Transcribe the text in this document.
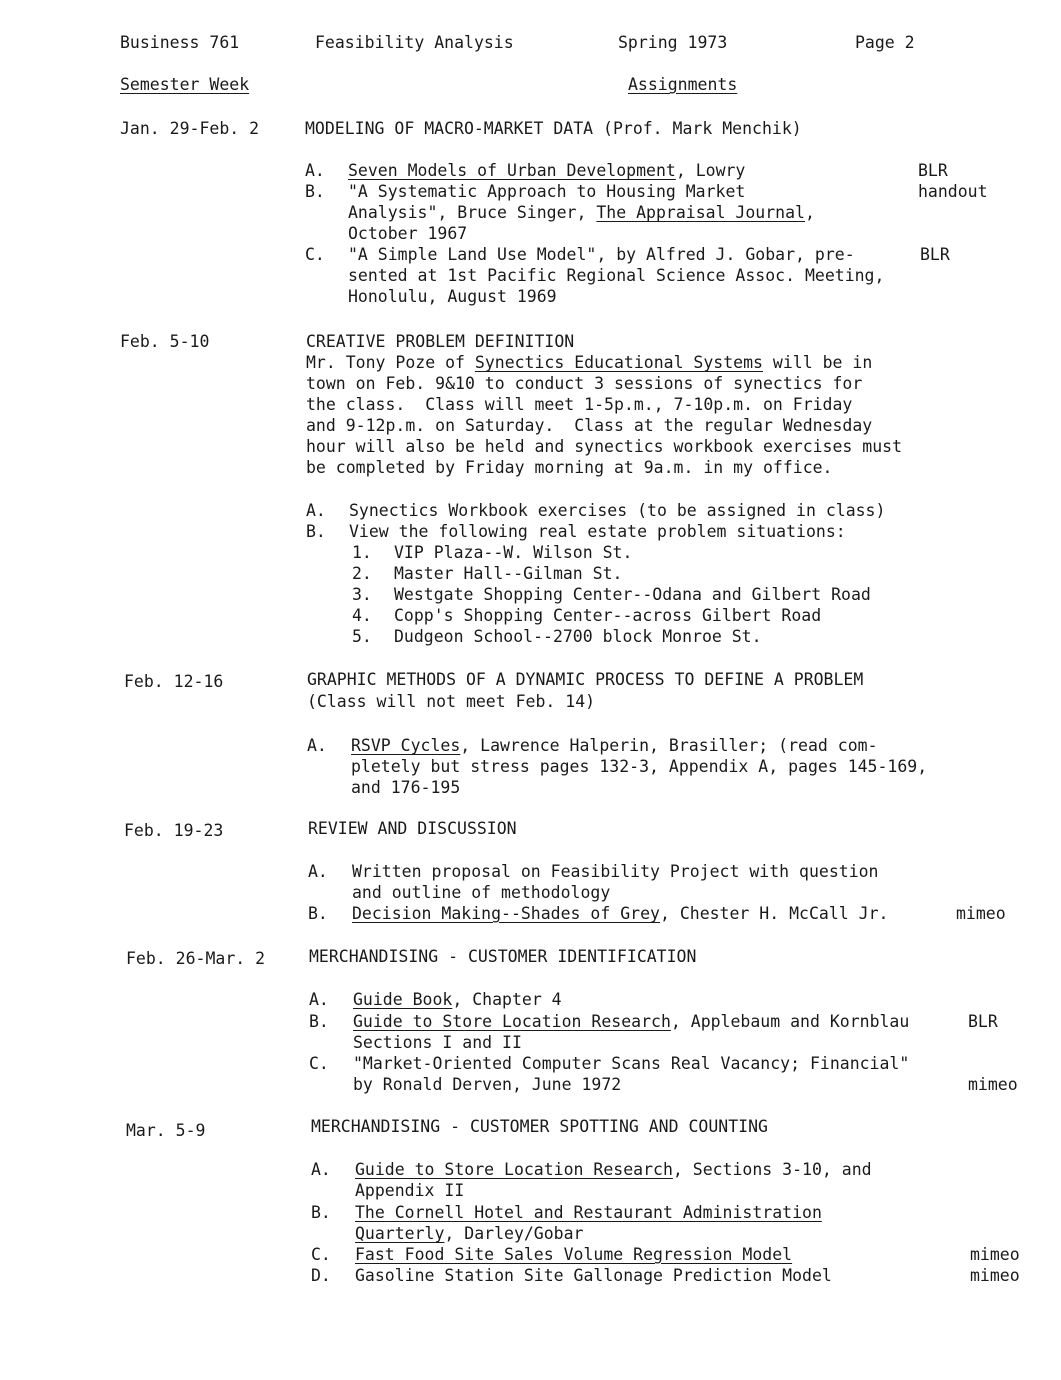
Business 761	Feasibility Analysis	Spring 1973	Page 2
Semester Week	Assignments
Jan. 29-Feb. 2	MODELING OF MACRO-MARKET DATA (Prof. Mark Menchik)
A. Seven Models of Urban Development, Lowry	BLR
B. "A Systematic Approach to Housing Market	handout
Analysis", Bruce Singer, The Appraisal Journal,
October 1967
C. "A Simple Land Use Model", by Alfred J. Gobar, pre-	BLR
sented at 1st Pacific Regional Science Assoc. Meeting,
Honolulu, August 1969
Feb. 5-10	CREATIVE PROBLEM DEFINITION
Mr. Tony Poze of Synectics Educational Systems will be in
town on Feb. 9&10 to conduct 3 sessions of synectics for
the class.  Class will meet 1-5p.m., 7-10p.m. on Friday
and 9-12p.m. on Saturday.  Class at the regular Wednesday
hour will also be held and synectics workbook exercises must
be completed by Friday morning at 9a.m. in my office.
A. Synectics Workbook exercises (to be assigned in class)
B. View the following real estate problem situations:
1. VIP Plaza--W. Wilson St.
2. Master Hall--Gilman St.
3. Westgate Shopping Center--Odana and Gilbert Road
4. Copp's Shopping Center--across Gilbert Road
5. Dudgeon School--2700 block Monroe St.
Feb. 12-16	GRAPHIC METHODS OF A DYNAMIC PROCESS TO DEFINE A PROBLEM
(Class will not meet Feb. 14)
A. RSVP Cycles, Lawrence Halperin, Brasiller; (read com-
pletely but stress pages 132-3, Appendix A, pages 145-169,
and 176-195
Feb. 19-23	REVIEW AND DISCUSSION
A. Written proposal on Feasibility Project with question
and outline of methodology
B. Decision Making--Shades of Grey, Chester H. McCall Jr.	mimeo
Feb. 26-Mar. 2	MERCHANDISING - CUSTOMER IDENTIFICATION
A. Guide Book, Chapter 4
B. Guide to Store Location Research, Applebaum and Kornblau	BLR
Sections I and II
C. "Market-Oriented Computer Scans Real Vacancy; Financial"
by Ronald Derven, June 1972	mimeo
Mar. 5-9	MERCHANDISING - CUSTOMER SPOTTING AND COUNTING
A. Guide to Store Location Research, Sections 3-10, and
Appendix II
B. The Cornell Hotel and Restaurant Administration
Quarterly, Darley/Gobar
C. Fast Food Site Sales Volume Regression Model	mimeo
D. Gasoline Station Site Gallonage Prediction Model	mimeo
